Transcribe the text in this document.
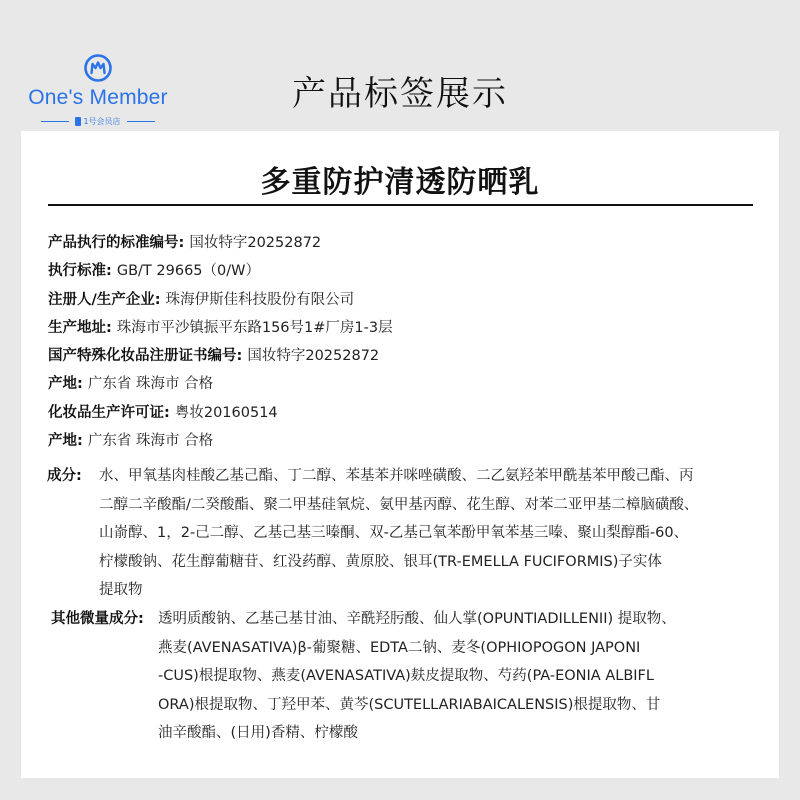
One's Member
1号会员店
产品标签展示
多重防护清透防晒乳
产品执行的标准编号: 国妆特字20252872
执行标准: GB/T 29665（0/W）
注册人/生产企业: 珠海伊斯佳科技股份有限公司
生产地址: 珠海市平沙镇振平东路156号1#厂房1-3层
国产特殊化妆品注册证书编号: 国妆特字20252872
产地: 广东省 珠海市 合格
化妆品生产许可证: 粤妆20160514
产地: 广东省 珠海市 合格
成分:	水、甲氧基肉桂酸乙基己酯、丁二醇、苯基苯并咪唑磺酸、二乙氨羟苯甲酰基苯甲酸己酯、丙
二醇二辛酸酯/二癸酸酯、聚二甲基硅氧烷、氨甲基丙醇、花生醇、对苯二亚甲基二樟脑磺酸、
山嵛醇、1，2-己二醇、乙基己基三嗪酮、双-乙基己氧苯酚甲氧苯基三嗪、聚山梨醇酯-60、
柠檬酸钠、花生醇葡糖苷、红没药醇、黄原胶、银耳(TR-EMELLA FUCIFORMIS)子实体
提取物
其他微量成分: 透明质酸钠、乙基己基甘油、辛酰羟肟酸、仙人掌(OPUNTIADILLENII) 提取物、
燕麦(AVENASATIVA)β-葡聚糖、EDTA二钠、麦冬(OPHIOPOGON JAPONI
-CUS)根提取物、燕麦(AVENASATIVA)麸皮提取物、芍药(PA-EONIA ALBIFL
ORA)根提取物、丁羟甲苯、黄芩(SCUTELLARIABAICALENSIS)根提取物、甘
油辛酸酯、(日用)香精、柠檬酸
